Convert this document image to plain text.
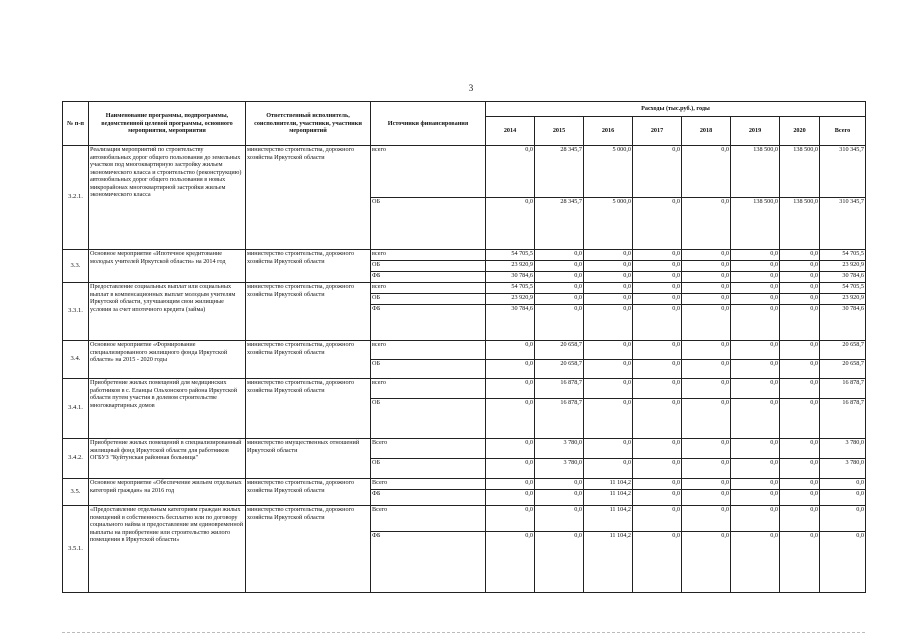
3
№ п-п	Наименование программы, подпрограммы, ведомственной целевой программы, основного мероприятия, мероприятия	Ответственный исполнитель, соисполнители, участники, участники мероприятий	Источники финансирования	Расходы (тыс.руб.), годы							
				2014	2015	2016	2017	2018	2019	2020	Всего
3.2.1.	Реализация мероприятий по строительству автомобильных дорог общего пользования до земельных участков под многоквартирную застройку жильем экономического класса и строительство (реконструкцию) автомобильных дорог общего пользования в новых микрорайонах многоквартирной застройки жильем экономического класса	министерство строительства, дорожного хозяйства Иркутской области	всего	0,0	28 345,7	5 000,0	0,0	0,0	138 500,0	138 500,0	310 345,7
			ОБ	0,0	28 345,7	5 000,0	0,0	0,0	138 500,0	138 500,0	310 345,7
3.3.	Основное мероприятие «Ипотечное кредитование молодых учителей Иркутской области» на 2014 год	министерство строительства, дорожного хозяйства Иркутской области	всего	54 705,5	0,0	0,0	0,0	0,0	0,0	0,0	54 705,5
			ОБ	23 920,9	0,0	0,0	0,0	0,0	0,0	0,0	23 920,9
			ФБ	30 784,6	0,0	0,0	0,0	0,0	0,0	0,0	30 784,6
3.3.1.	Предоставление социальных выплат или социальных выплат в компенсационных выплат молодым учителям Иркутской области, улучшающим свои жилищные условия за счет ипотечного кредита (займа)	министерство строительства, дорожного хозяйства Иркутской области	всего	54 705,5	0,0	0,0	0,0	0,0	0,0	0,0	54 705,5
			ОБ	23 920,9	0,0	0,0	0,0	0,0	0,0	0,0	23 920,9
			ФБ	30 784,6	0,0	0,0	0,0	0,0	0,0	0,0	30 784,6
3.4.	Основное мероприятие «Формирование специализированного жилищного фонда Иркутской области» на 2015 - 2020 годы	министерство строительства, дорожного хозяйства Иркутской области	всего	0,0	20 658,7	0,0	0,0	0,0	0,0	0,0	20 658,7
			ОБ	0,0	20 658,7	0,0	0,0	0,0	0,0	0,0	20 658,7
3.4.1.	Приобретение жилых помещений для медицинских работников в с. Еланцы Ольхонского района Иркутской области путем участия в долевом строительстве многоквартирных домов	министерство строительства, дорожного хозяйства Иркутской области	всего	0,0	16 878,7	0,0	0,0	0,0	0,0	0,0	16 878,7
			ОБ	0,0	16 878,7	0,0	0,0	0,0	0,0	0,0	16 878,7
3.4.2.	Приобретение жилых помещений в специализированный жилищный фонд Иркутской области для работников ОГБУЗ "Куйтунская районная больница"	министерство имущественных отношений Иркутской области	Всего	0,0	3 780,0	0,0	0,0	0,0	0,0	0,0	3 780,0
			ОБ	0,0	3 780,0	0,0	0,0	0,0	0,0	0,0	3 780,0
3.5.	Основное мероприятие «Обеспечение жильем отдельных категорий граждан» на 2016 год	министерство строительства, дорожного хозяйства Иркутской области	Всего	0,0	0,0	11 104,2	0,0	0,0	0,0	0,0	0,0
			ФБ	0,0	0,0	11 104,2	0,0	0,0	0,0	0,0	0,0
3.5.1.	«Предоставление отдельным категориям граждан жилых помещений в собственность бесплатно или по договору социального найма и предоставление им единовременной выплаты на приобретение или строительство жилого помещения в Иркутской области»	министерство строительства, дорожного хозяйства Иркутской области	Всего	0,0	0,0	11 104,2	0,0	0,0	0,0	0,0	0,0
			ФБ	0,0	0,0	11 104,2	0,0	0,0	0,0	0,0	0,0
